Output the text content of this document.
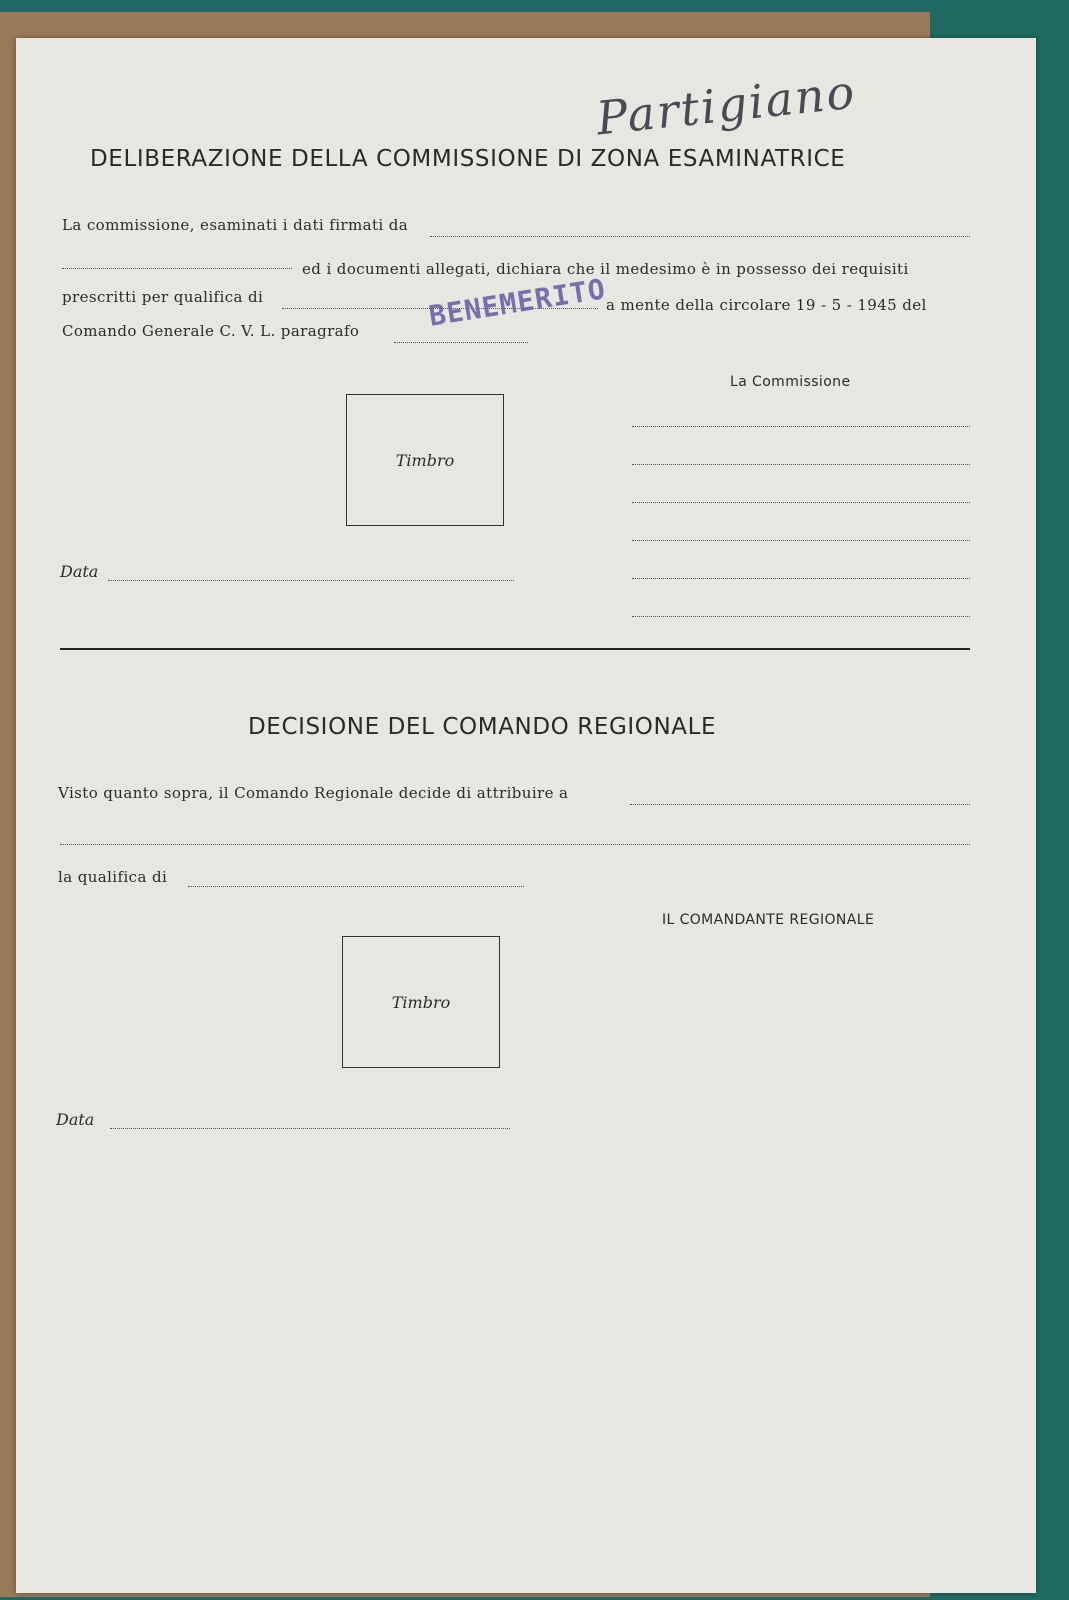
Partigiano
DELIBERAZIONE DELLA COMMISSIONE DI ZONA ESAMINATRICE
La commissione, esaminati i dati firmati da
ed i documenti allegati, dichiara che il medesimo è in possesso dei requisiti
prescritti per qualifica di	a mente della circolare 19 - 5 - 1945 del
BENEMERITO
Comando Generale C. V. L. paragrafo
La Commissione
Timbro
Data
DECISIONE DEL COMANDO REGIONALE
Visto quanto sopra, il Comando Regionale decide di attribuire a
la qualifica di
IL COMANDANTE REGIONALE
Timbro
Data
